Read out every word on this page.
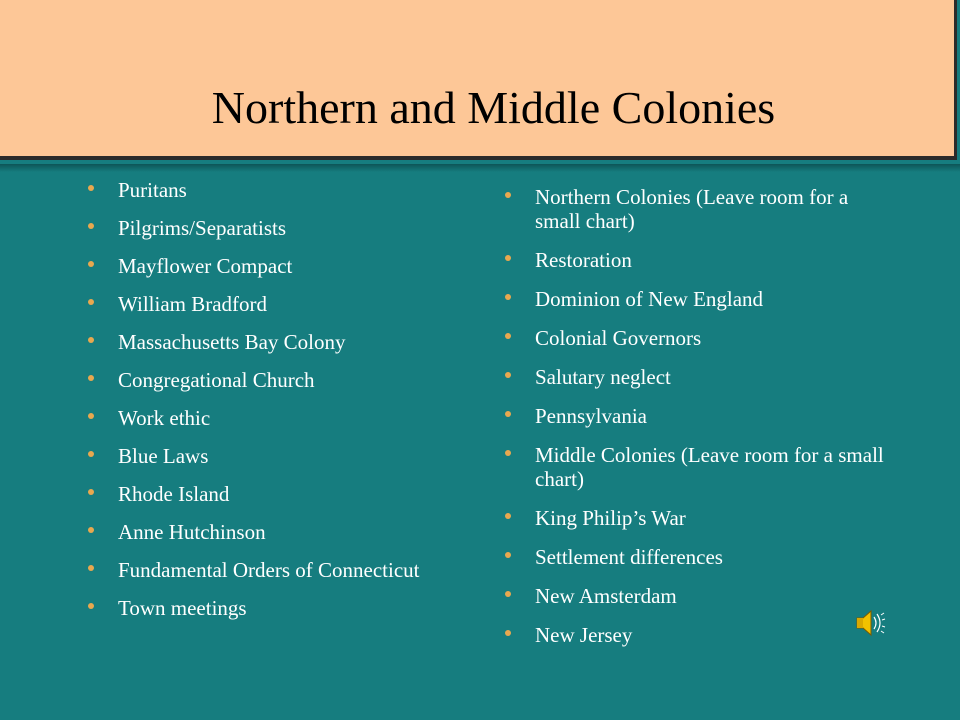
Northern and Middle Colonies
Puritans
Pilgrims/Separatists
Mayflower Compact
William Bradford
Massachusetts Bay Colony
Congregational Church
Work ethic
Blue Laws
Rhode Island
Anne Hutchinson
Fundamental Orders of Connecticut
Town meetings
Northern Colonies (Leave room for a small chart)
Restoration
Dominion of New England
Colonial Governors
Salutary neglect
Pennsylvania
Middle Colonies (Leave room for a small chart)
King Philip’s War
Settlement differences
New Amsterdam
New Jersey
